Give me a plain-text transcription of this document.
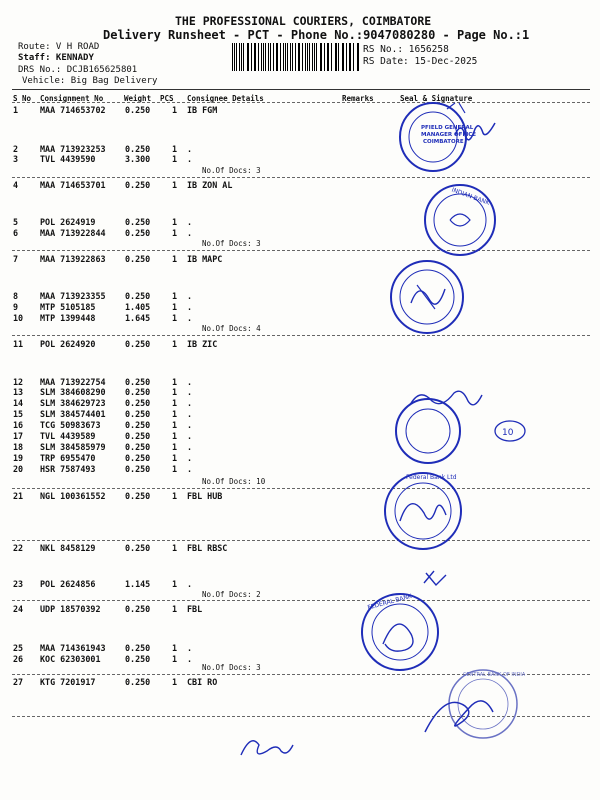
THE PROFESSIONAL COURIERS, COIMBATORE
Delivery Runsheet - PCT - Phone No.:9047080280 - Page No.:1
Route: V H ROAD
Staff: KENNADY
DRS No.: DCJB165625801
Vehicle: Big Bag Delivery
RS No.: 1656258
RS Date: 15-Dec-2025
S No Consignment No	Weight PCS Consignee Details	Remarks	Seal & Signature
1	MAA 714653702 0.250	1 IB FGM
2	MAA 713923253 0.250	1 .
3	TVL 4439590	3.300	1 .
4	MAA 714653701 0.250	1 IB ZON AL
5	POL 2624919	0.250	1 .
6	MAA 713922844 0.250	1 .
7	MAA 713922863 0.250	1 IB MAPC
8	MAA 713923355 0.250	1 .
9	MTP 5105185	1.405	1 .
10 MTP 1399448	1.645	1 .
11 POL 2624920	0.250	1 IB ZIC
12 MAA 713922754 0.250	1 .
13 SLM 384608290 0.250	1 .
14 SLM 384629723 0.250	1 .
15 SLM 384574401 0.250	1 .
16 TCG 50983673	0.250	1 .
17 TVL 4439589	0.250	1 .
18 SLM 384585979 0.250	1 .
19 TRP 6955470	0.250	1 .
20 HSR 7587493	0.250	1 .
21 NGL 100361552 0.250	1 FBL HUB
22 NKL 8458129	0.250	1 FBL RBSC
23 POL 2624856	1.145	1 .
24 UDP 18570392	0.250	1 FBL
25 MAA 714361943 0.250	1 .
26 KOC 62303001	0.250	1 .
27 KTG 7201917	0.250	1 CBI RO
No.Of Docs: 3
No.Of Docs: 3
No.Of Docs: 4
No.Of Docs: 10
No.Of Docs: 2
No.Of Docs: 3
PFIELD GENERAL
MANAGER OFFICE
COIMBATORE
INDIAN BANK
10
Federal Bank Ltd
FEDERAL BANK
CENTRAL BANK OF INDIA
